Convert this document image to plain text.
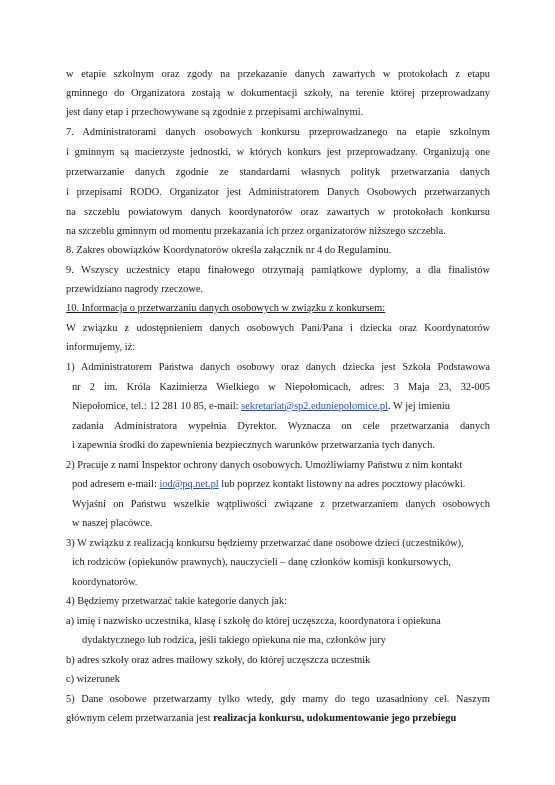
w etapie szkolnym oraz zgody na przekazanie danych zawartych w protokołach z etapu
gminnego do Organizatora zostają w dokumentacji szkoły, na terenie której przeprowadzany
jest dany etap i przechowywane są zgodnie z przepisami archiwalnymi.
7. Administratorami danych osobowych konkursu przeprowadzanego na etapie szkolnym
i gminnym są macierzyste jednostki, w których konkurs jest przeprowadzany. Organizują one
przetwarzanie danych zgodnie ze standardami własnych polityk przetwarzania danych
i przepisami RODO. Organizator jest Administratorem Danych Osobowych przetwarzanych
na szczeblu powiatowym danych koordynatorów oraz zawartych w protokołach konkursu
na szczeblu gminnym od momentu przekazania ich przez organizatorów niższego szczebla.
8. Zakres obowiązków Koordynatorów określa załącznik nr 4 do Regulaminu.
9. Wszyscy uczestnicy etapu finałowego otrzymają pamiątkowe dyplomy, a dla finalistów
przewidziano nagrody rzeczowe.
10. Informacja o przetwarzaniu danych osobowych w związku z konkursem:
W związku z udostępnieniem danych osobowych Pani/Pana i dziecka oraz Koordynatorów
informujemy, iż:
1) Administratorem Państwa danych osobowy oraz danych dziecka jest Szkoła Podstawowa
nr 2 im. Króla Kazimierza Wielkiego w Niepołomicach, adres: 3 Maja 23, 32-005
Niepołomice, tel.: 12 281 10 85, e-mail: sekretariat@sp2.eduniepolomice.pl. W jej imieniu
zadania Administratora wypełnia Dyrektor. Wyznacza on cele przetwarzania danych
i zapewnia środki do zapewnienia bezpiecznych warunków przetwarzania tych danych.
2) Pracuje z nami Inspektor ochrony danych osobowych. Umożliwiamy Państwu z nim kontakt
pod adresem e-mail: iod@pq.net.pl lub poprzez kontakt listowny na adres pocztowy placówki.
Wyjaśni on Państwu wszelkie wątpliwości związane z przetwarzaniem danych osobowych
w naszej placówce.
3) W związku z realizacją konkursu będziemy przetwarzać dane osobowe dzieci (uczestników),
ich rodziców (opiekunów prawnych), nauczycieli – danę członków komisji konkursowych,
koordynatorów.
4) Będziemy przetwarzać takie kategorie danych jak:
a) imię i nazwisko uczestnika, klasę i szkołę do której uczęszcza, koordynatora i opiekuna
dydaktycznego lub rodzica, jeśli takiego opiekuna nie ma, członków jury
b) adres szkoły oraz adres mailowy szkoły, do której uczęszcza uczestnik
c) wizerunek
5) Dane osobowe przetwarzamy tylko wtedy, gdy mamy do tego uzasadniony cel. Naszym
głównym celem przetwarzania jest realizacja konkursu, udokumentowanie jego przebiegu
